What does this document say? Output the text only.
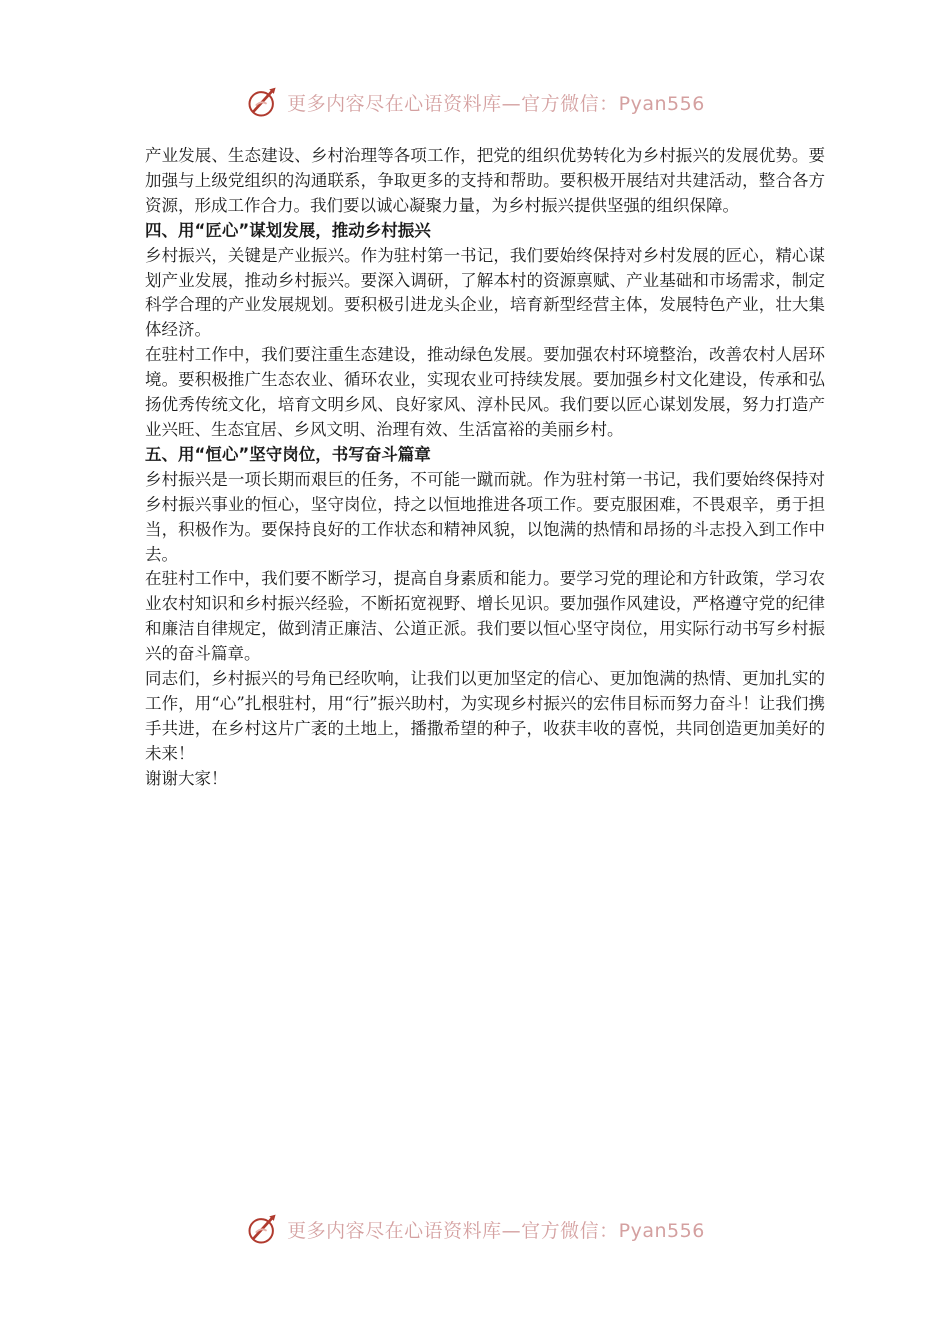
更多内容尽在心语资料库—官方微信：Pyan556

产业发展、生态建设、乡村治理等各项工作，把党的组织优势转化为乡村振兴的发展优势。要加强与上级党组织的沟通联系，争取更多的支持和帮助。要积极开展结对共建活动，整合各方资源，形成工作合力。我们要以诚心凝聚力量，为乡村振兴提供坚强的组织保障。

四、用“匠心”谋划发展，推动乡村振兴

乡村振兴，关键是产业振兴。作为驻村第一书记，我们要始终保持对乡村发展的匠心，精心谋划产业发展，推动乡村振兴。要深入调研，了解本村的资源禀赋、产业基础和市场需求，制定科学合理的产业发展规划。要积极引进龙头企业，培育新型经营主体，发展特色产业，壮大集体经济。

在驻村工作中，我们要注重生态建设，推动绿色发展。要加强农村环境整治，改善农村人居环境。要积极推广生态农业、循环农业，实现农业可持续发展。要加强乡村文化建设，传承和弘扬优秀传统文化，培育文明乡风、良好家风、淳朴民风。我们要以匠心谋划发展，努力打造产业兴旺、生态宜居、乡风文明、治理有效、生活富裕的美丽乡村。

五、用“恒心”坚守岗位，书写奋斗篇章

乡村振兴是一项长期而艰巨的任务，不可能一蹴而就。作为驻村第一书记，我们要始终保持对乡村振兴事业的恒心，坚守岗位，持之以恒地推进各项工作。要克服困难，不畏艰辛，勇于担当，积极作为。要保持良好的工作状态和精神风貌，以饱满的热情和昂扬的斗志投入到工作中去。

在驻村工作中，我们要不断学习，提高自身素质和能力。要学习党的理论和方针政策，学习农业农村知识和乡村振兴经验，不断拓宽视野、增长见识。要加强作风建设，严格遵守党的纪律和廉洁自律规定，做到清正廉洁、公道正派。我们要以恒心坚守岗位，用实际行动书写乡村振兴的奋斗篇章。

同志们，乡村振兴的号角已经吹响，让我们以更加坚定的信心、更加饱满的热情、更加扎实的工作，用“心”扎根驻村，用“行”振兴助村，为实现乡村振兴的宏伟目标而努力奋斗！让我们携手共进，在乡村这片广袤的土地上，播撒希望的种子，收获丰收的喜悦，共同创造更加美好的未来！

谢谢大家！

更多内容尽在心语资料库—官方微信：Pyan556
